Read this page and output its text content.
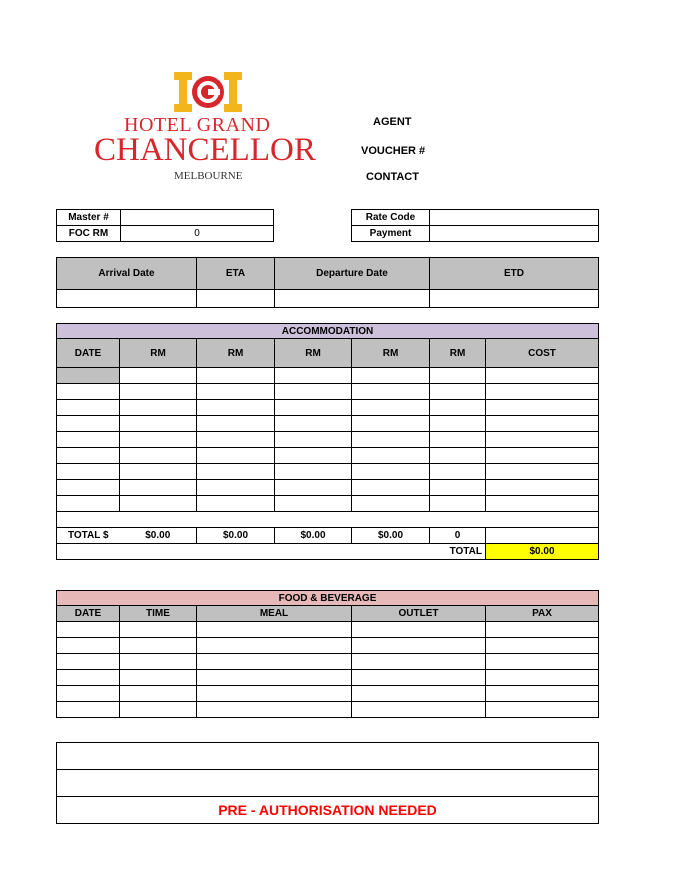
HOTEL GRAND
CHANCELLOR
MELBOURNE
AGENT
VOUCHER #
CONTACT
Master #	
FOC RM	0
Rate Code	
Payment	
Arrival Date	ETA	Departure Date	ETD

ACCOMMODATION						
DATE	RM	RM	RM	RM	RM	COST

TOTAL $	$0.00	$0.00	$0.00	$0.00	0	
TOTAL						$0.00
FOOD & BEVERAGE				
DATE	TIME	MEAL	OUTLET	PAX

PRE - AUTHORISATION NEEDED
